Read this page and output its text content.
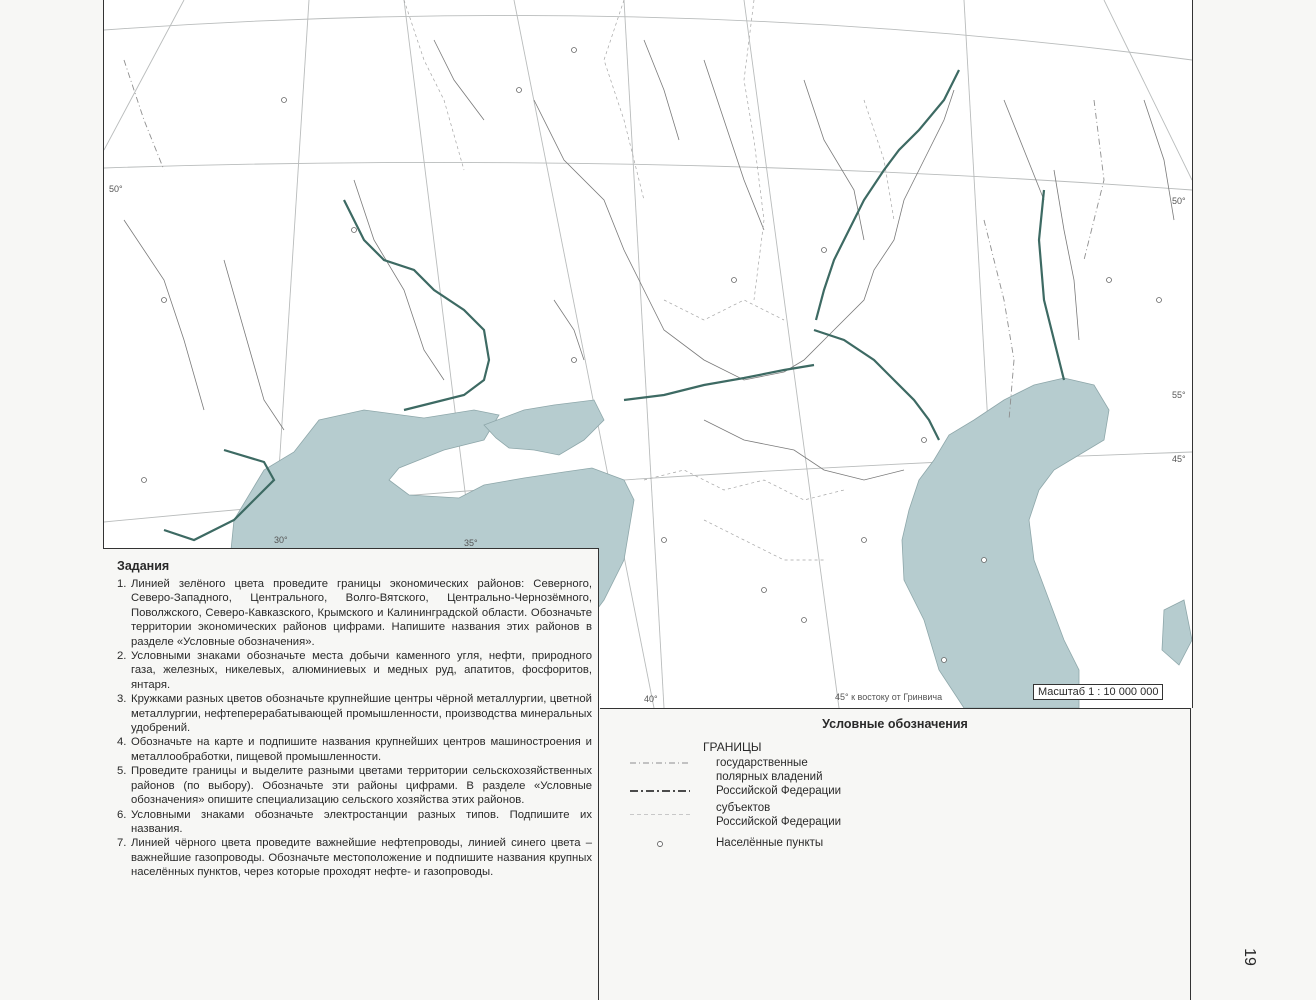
50°
50°
55°
45°
30°	35°
40°	45° к востоку от Гринвича	Масштаб 1 : 10 000 000
Задания
1. Линией зелёного цвета проведите границы экономических районов: Северного, Северо-Западного, Центрального, Волго-Вятского, Центрально-Чернозёмного, Поволжского, Северо-Кавказского, Крымского и Калининградской области. Обозначьте территории экономических районов цифрами. Напишите названия этих районов в разделе «Условные обозначения».
2. Условными знаками обозначьте места добычи каменного угля, нефти, природного газа, железных, никелевых, алюминиевых и медных руд, апатитов, фосфоритов, янтаря.
3. Кружками разных цветов обозначьте крупнейшие центры чёрной металлургии, цветной металлургии, нефтеперерабатывающей промышленности, производства минеральных удобрений.
4. Обозначьте на карте и подпишите названия крупнейших центров машиностроения и металлообработки, пищевой промышленности.
5. Проведите границы и выделите разными цветами территории сельскохозяйственных районов (по выбору). Обозначьте эти районы цифрами. В разделе «Условные обозначения» опишите специализацию сельского хозяйства этих районов.
6. Условными знаками обозначьте электростанции разных типов. Подпишите их названия.
7. Линией чёрного цвета проведите важнейшие нефтепроводы, линией синего цвета – важнейшие газопроводы. Обозначьте местоположение и подпишите названия крупных населённых пунктов, через которые проходят нефте- и газопроводы.
Условные обозначения
ГРАНИЦЫ
государственные
полярных владений
Российской Федерации
субъектов
Российской Федерации
Населённые пункты
19
